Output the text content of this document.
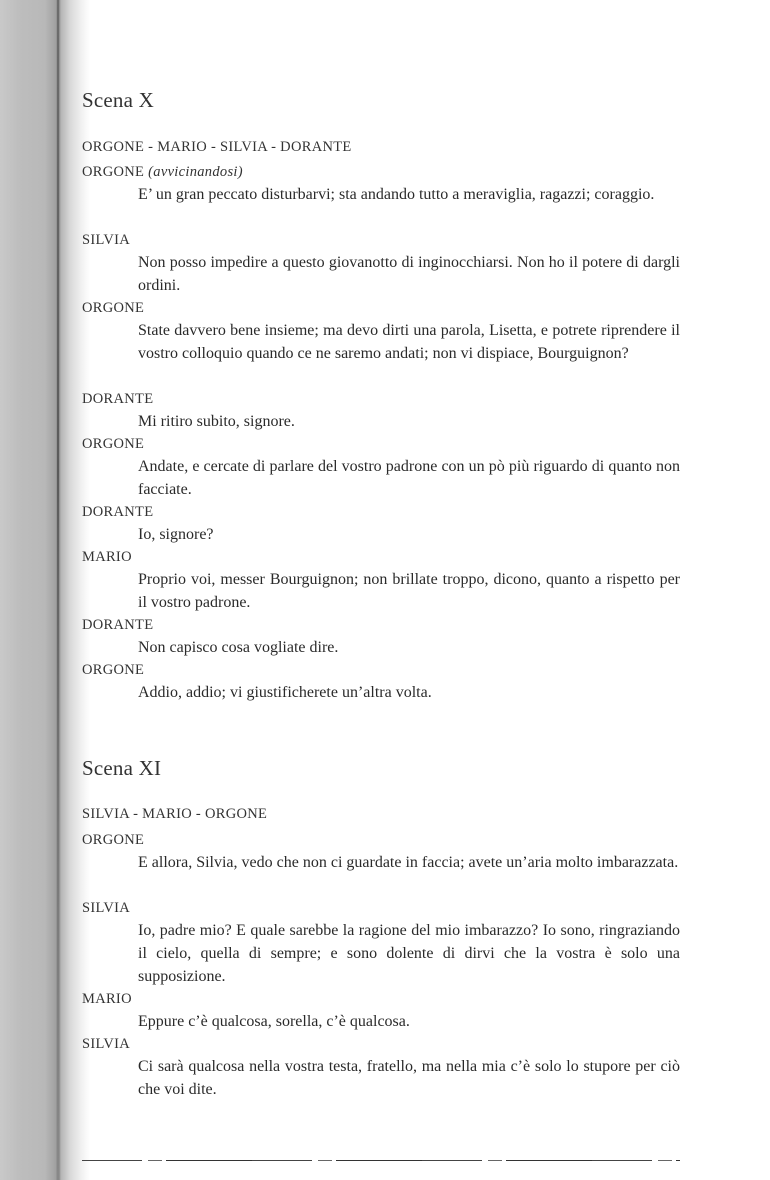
Scena X
ORGONE - MARIO - SILVIA - DORANTE
ORGONE (avvicinandosi)
E’ un gran peccato disturbarvi; sta andando tutto a meraviglia, ragazzi; coraggio.
SILVIA
Non posso impedire a questo giovanotto di inginocchiarsi. Non ho il potere di dargli ordini.
ORGONE
State davvero bene insieme; ma devo dirti una parola, Lisetta, e potrete riprendere il vostro colloquio quando ce ne saremo andati; non vi dispiace, Bourguignon?
DORANTE
Mi ritiro subito, signore.
ORGONE
Andate, e cercate di parlare del vostro padrone con un pò più riguardo di quanto non facciate.
DORANTE
Io, signore?
MARIO
Proprio voi, messer Bourguignon; non brillate troppo, dicono, quanto a rispetto per il vostro padrone.
DORANTE
Non capisco cosa vogliate dire.
ORGONE
Addio, addio; vi giustificherete un’altra volta.
Scena XI
SILVIA - MARIO - ORGONE
ORGONE
E allora, Silvia, vedo che non ci guardate in faccia; avete un’aria molto imbarazzata.
SILVIA
Io, padre mio? E quale sarebbe la ragione del mio imbarazzo? Io sono, ringraziando il cielo, quella di sempre; e sono dolente di dirvi che la vostra è solo una supposizione.
MARIO
Eppure c’è qualcosa, sorella, c’è qualcosa.
SILVIA
Ci sarà qualcosa nella vostra testa, fratello, ma nella mia c’è solo lo stupore per ciò che voi dite.
